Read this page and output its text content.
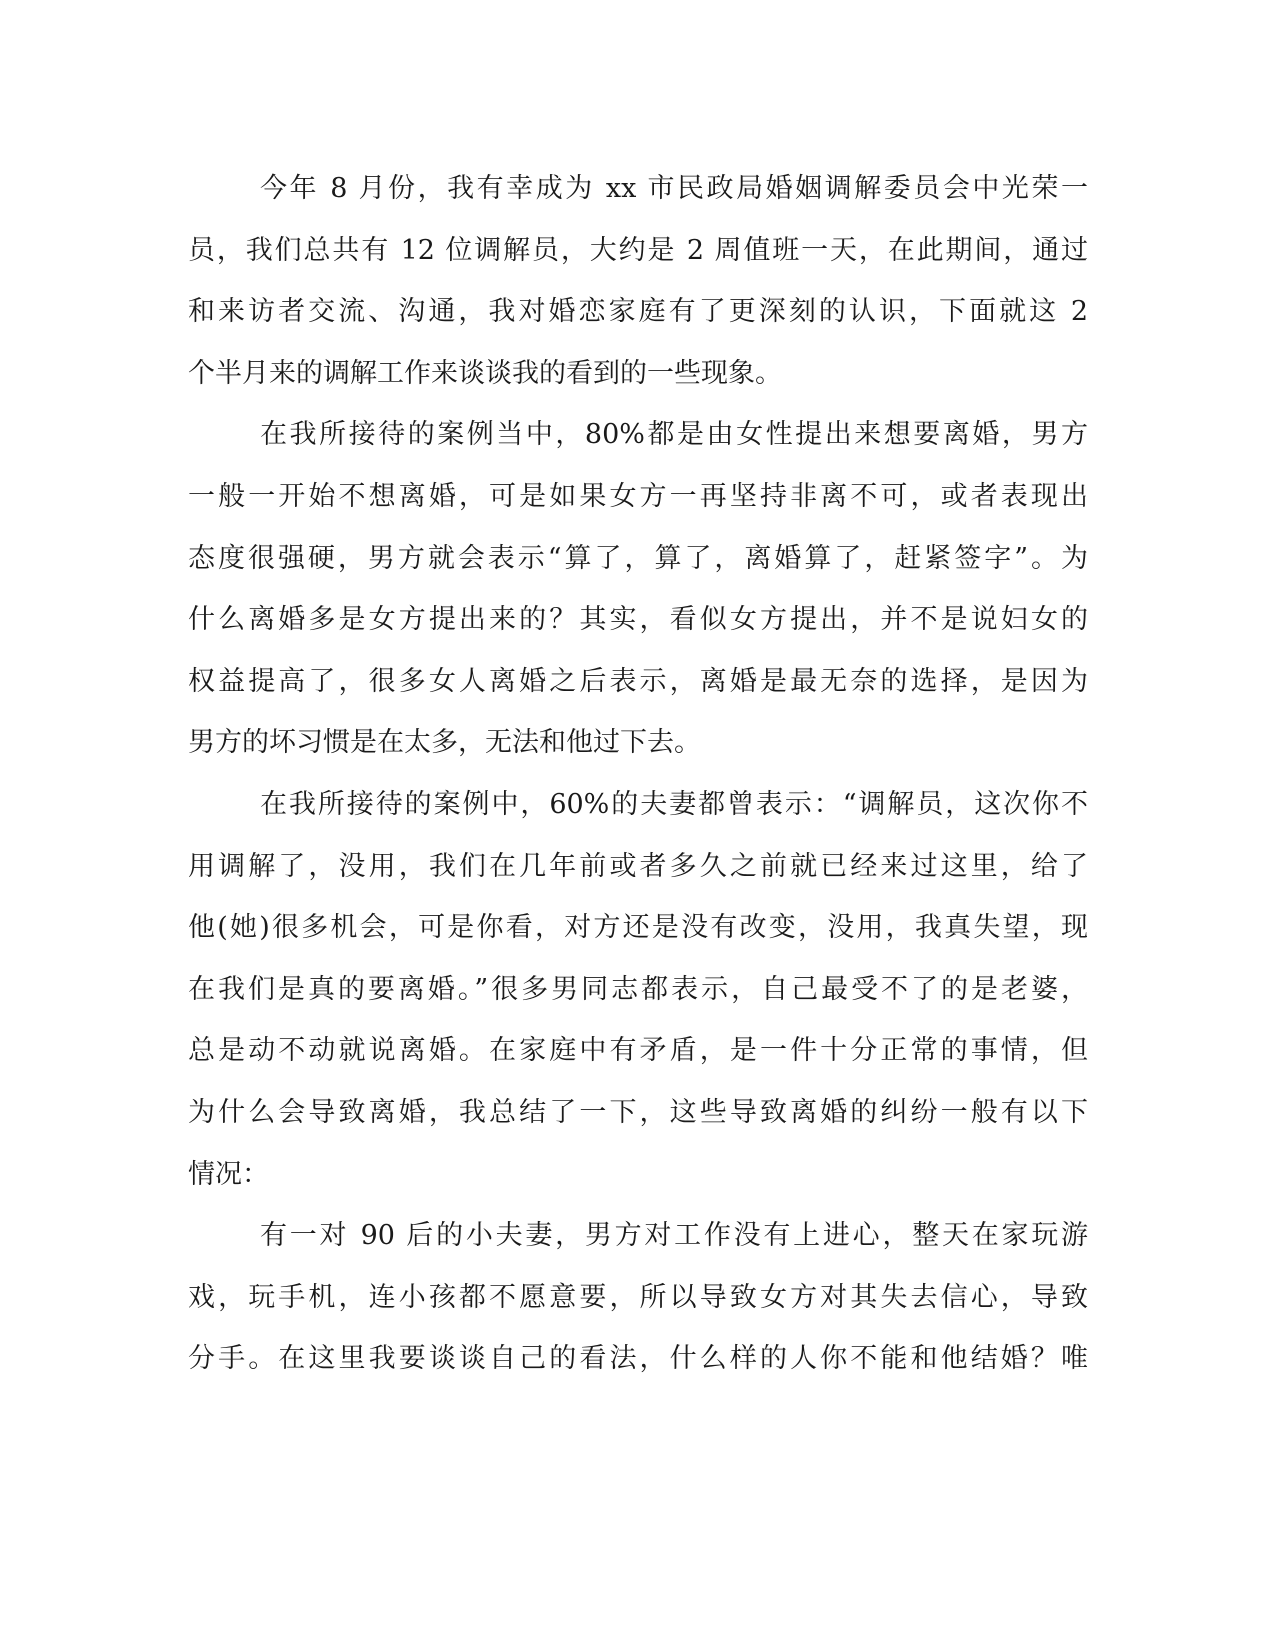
今年 8 月份，我有幸成为 xx 市民政局婚姻调解委员会中光荣一
员，我们总共有 12 位调解员，大约是 2 周值班一天，在此期间，通过
和来访者交流、沟通，我对婚恋家庭有了更深刻的认识，下面就这 2
个半月来的调解工作来谈谈我的看到的一些现象。
在我所接待的案例当中，80%都是由女性提出来想要离婚，男方
一般一开始不想离婚，可是如果女方一再坚持非离不可，或者表现出
态度很强硬，男方就会表示“算了，算了，离婚算了，赶紧签字”。为
什么离婚多是女方提出来的？其实，看似女方提出，并不是说妇女的
权益提高了，很多女人离婚之后表示，离婚是最无奈的选择，是因为
男方的坏习惯是在太多，无法和他过下去。
在我所接待的案例中，60%的夫妻都曾表示：“调解员，这次你不
用调解了，没用，我们在几年前或者多久之前就已经来过这里，给了
他(她)很多机会，可是你看，对方还是没有改变，没用，我真失望，现
在我们是真的要离婚。”很多男同志都表示，自己最受不了的是老婆，
总是动不动就说离婚。在家庭中有矛盾，是一件十分正常的事情，但
为什么会导致离婚，我总结了一下，这些导致离婚的纠纷一般有以下
情况：
有一对 90 后的小夫妻，男方对工作没有上进心，整天在家玩游
戏，玩手机，连小孩都不愿意要，所以导致女方对其失去信心，导致
分手。在这里我要谈谈自己的看法，什么样的人你不能和他结婚？唯
